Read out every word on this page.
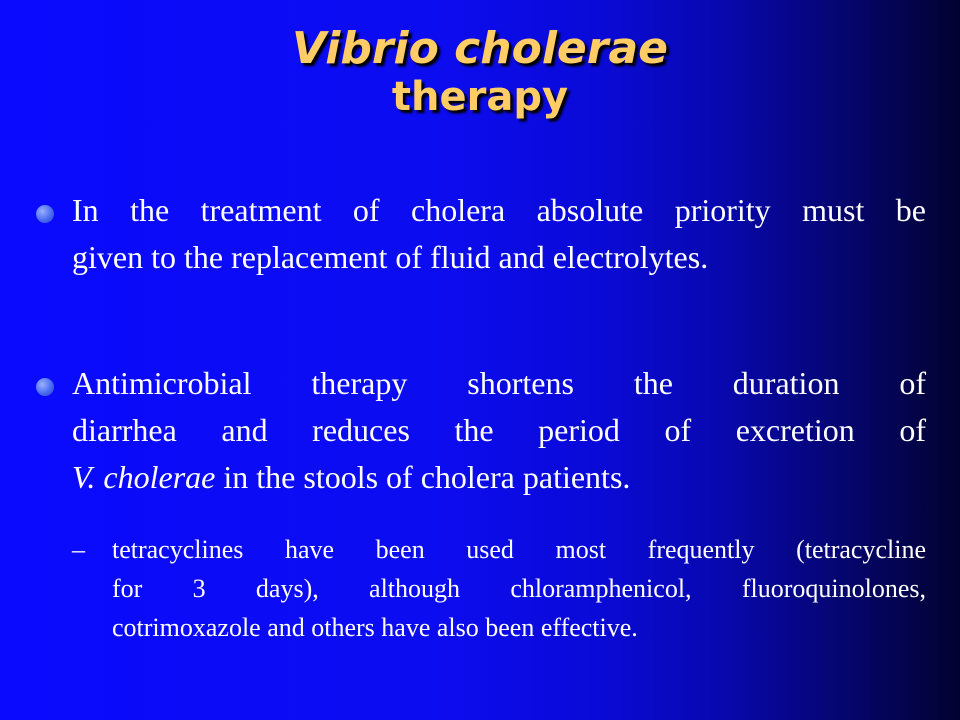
Vibrio cholerae
therapy
In the treatment of cholera absolute priority must be
given to the replacement of fluid and electrolytes.
Antimicrobial therapy shortens the duration of
diarrhea and reduces the period of excretion of
V. cholerae in the stools of cholera patients.
– tetracyclines have been used most frequently (tetracycline
for 3 days), although chloramphenicol, fluoroquinolones,
cotrimoxazole and others have also been effective.
